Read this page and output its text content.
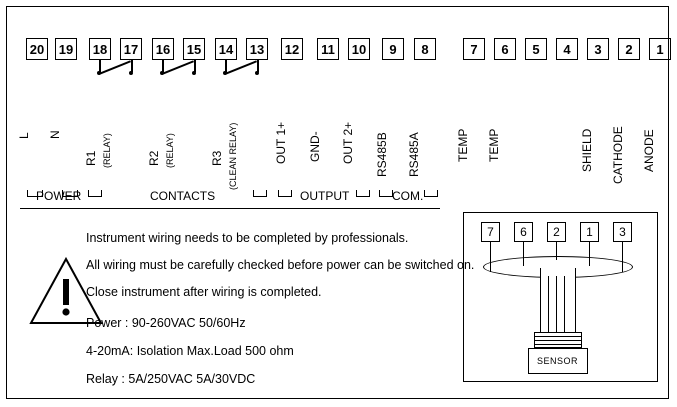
20 19 18 17 16 15 14 13 12	11	10	9	8	7	6	5	4	3	2	1
L N
R1 (RELAY)	R2 (RELAY)	R3 (CLEAN RELAY)	OUT 1+ GND- OUT 2+ RS485B RS485A	TEMP TEMP	SHIELD CATHODE ANODE
POWER	CONTACTS	OUTPUT	COM.
Instrument wiring needs to be completed by professionals.
All wiring must be carefully checked before power can be switched on.
Close instrument after wiring is completed.
Power : 90-260VAC 50/60Hz
4-20mA: Isolation Max.Load 500 ohm
Relay : 5A/250VAC 5A/30VDC
7	6	2	1	3
SENSOR
